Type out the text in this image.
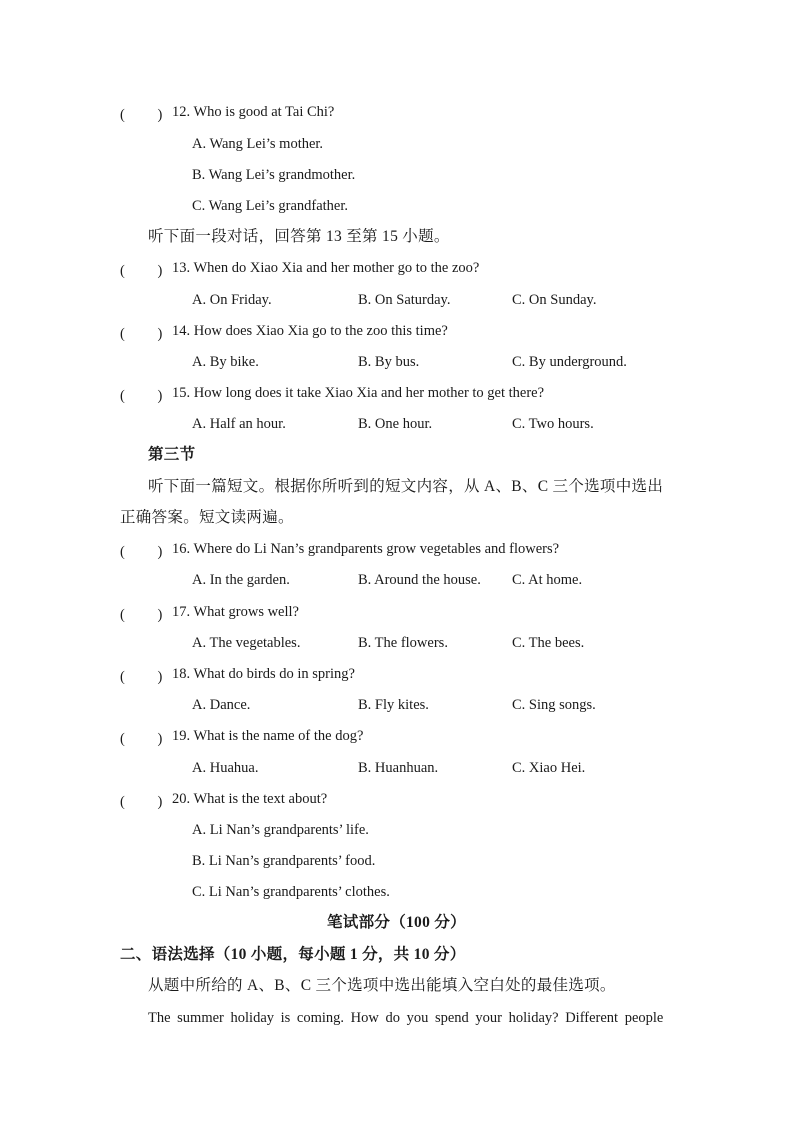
(　 　) 12. Who is good at Tai Chi?
A. Wang Lei’s mother.
B. Wang Lei’s grandmother.
C. Wang Lei’s grandfather.
听下面一段对话，回答第 13 至第 15 小题。
(　 　) 13. When do Xiao Xia and her mother go to the zoo?
A. On Friday.	B. On Saturday.	C. On Sunday.
(　 　) 14. How does Xiao Xia go to the zoo this time?
A. By bike.	B. By bus.	C. By underground.
(　 　) 15. How long does it take Xiao Xia and her mother to get there?
A. Half an hour.	B. One hour.	C. Two hours.
第三节
听下面一篇短文。根据你所听到的短文内容，从 A、B、C 三个选项中选出
正确答案。短文读两遍。
(　 　) 16. Where do Li Nan’s grandparents grow vegetables and flowers?
A. In the garden.	B. Around the house. C. At home.
(　 　) 17. What grows well?
A. The vegetables.	B. The flowers.	C. The bees.
(　 　) 18. What do birds do in spring?
A. Dance.	B. Fly kites.	C. Sing songs.
(　 　) 19. What is the name of the dog?
A. Huahua.	B. Huanhuan.	C. Xiao Hei.
(　 　) 20. What is the text about?
A. Li Nan’s grandparents’ life.
B. Li Nan’s grandparents’ food.
C. Li Nan’s grandparents’ clothes.
笔试部分（100 分）
二、语法选择（10 小题，每小题 1 分，共 10 分）
从题中所给的 A、B、C 三个选项中选出能填入空白处的最佳选项。
The summer holiday is coming. How do you spend your holiday? Different people
